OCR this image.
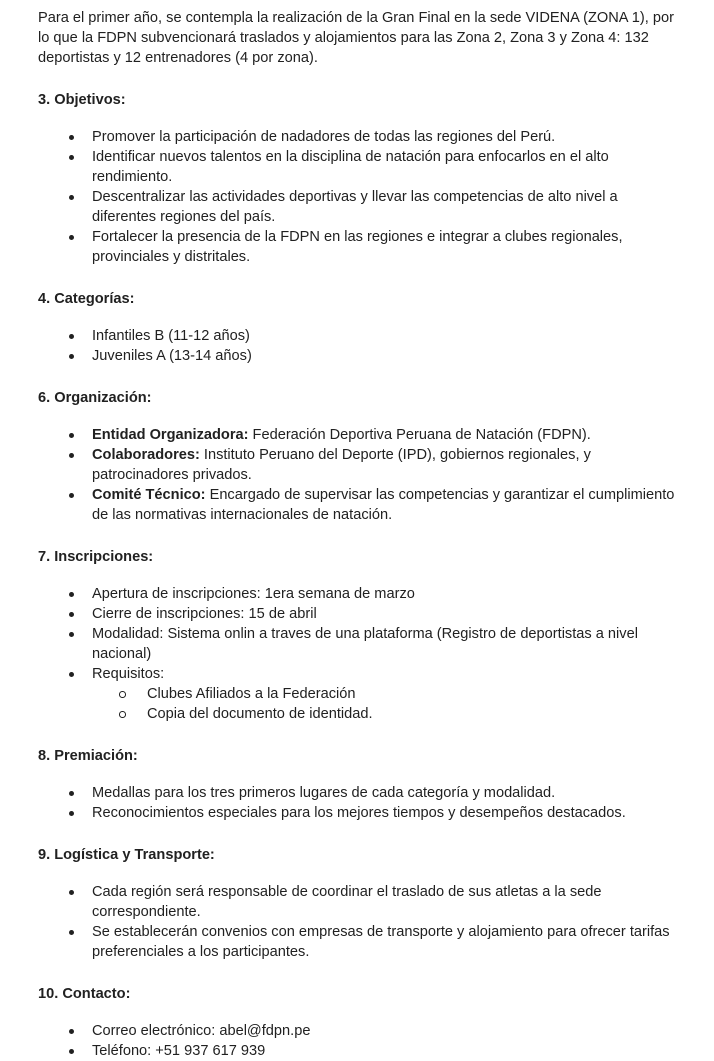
Para el primer año, se contempla la realización de la Gran Final en la sede VIDENA (ZONA 1), por lo que la FDPN subvencionará traslados y alojamientos para las Zona 2, Zona 3 y Zona 4: 132 deportistas y 12 entrenadores (4 por zona).

3. Objetivos:
Promover la participación de nadadores de todas las regiones del Perú.
Identificar nuevos talentos en la disciplina de natación para enfocarlos en el alto rendimiento.
Descentralizar las actividades deportivas y llevar las competencias de alto nivel a diferentes regiones del país.
Fortalecer la presencia de la FDPN en las regiones e integrar a clubes regionales, provinciales y distritales.
4. Categorías:
Infantiles B (11-12 años)
Juveniles A (13-14 años)
6. Organización:
Entidad Organizadora: Federación Deportiva Peruana de Natación (FDPN).
Colaboradores: Instituto Peruano del Deporte (IPD), gobiernos regionales, y patrocinadores privados.
Comité Técnico: Encargado de supervisar las competencias y garantizar el cumplimiento de las normativas internacionales de natación.
7. Inscripciones:
Apertura de inscripciones: 1era semana de marzo
Cierre de inscripciones: 15 de abril
Modalidad: Sistema onlin a traves de una plataforma (Registro de deportistas a nivel nacional)
Requisitos:
Clubes Afiliados a la Federación
Copia del documento de identidad.
8. Premiación:
Medallas para los tres primeros lugares de cada categoría y modalidad.
Reconocimientos especiales para los mejores tiempos y desempeños destacados.
9. Logística y Transporte:
Cada región será responsable de coordinar el traslado de sus atletas a la sede correspondiente.
Se establecerán convenios con empresas de transporte y alojamiento para ofrecer tarifas preferenciales a los participantes.
10. Contacto:
Correo electrónico: abel@fdpn.pe
Teléfono: +51 937 617 939
